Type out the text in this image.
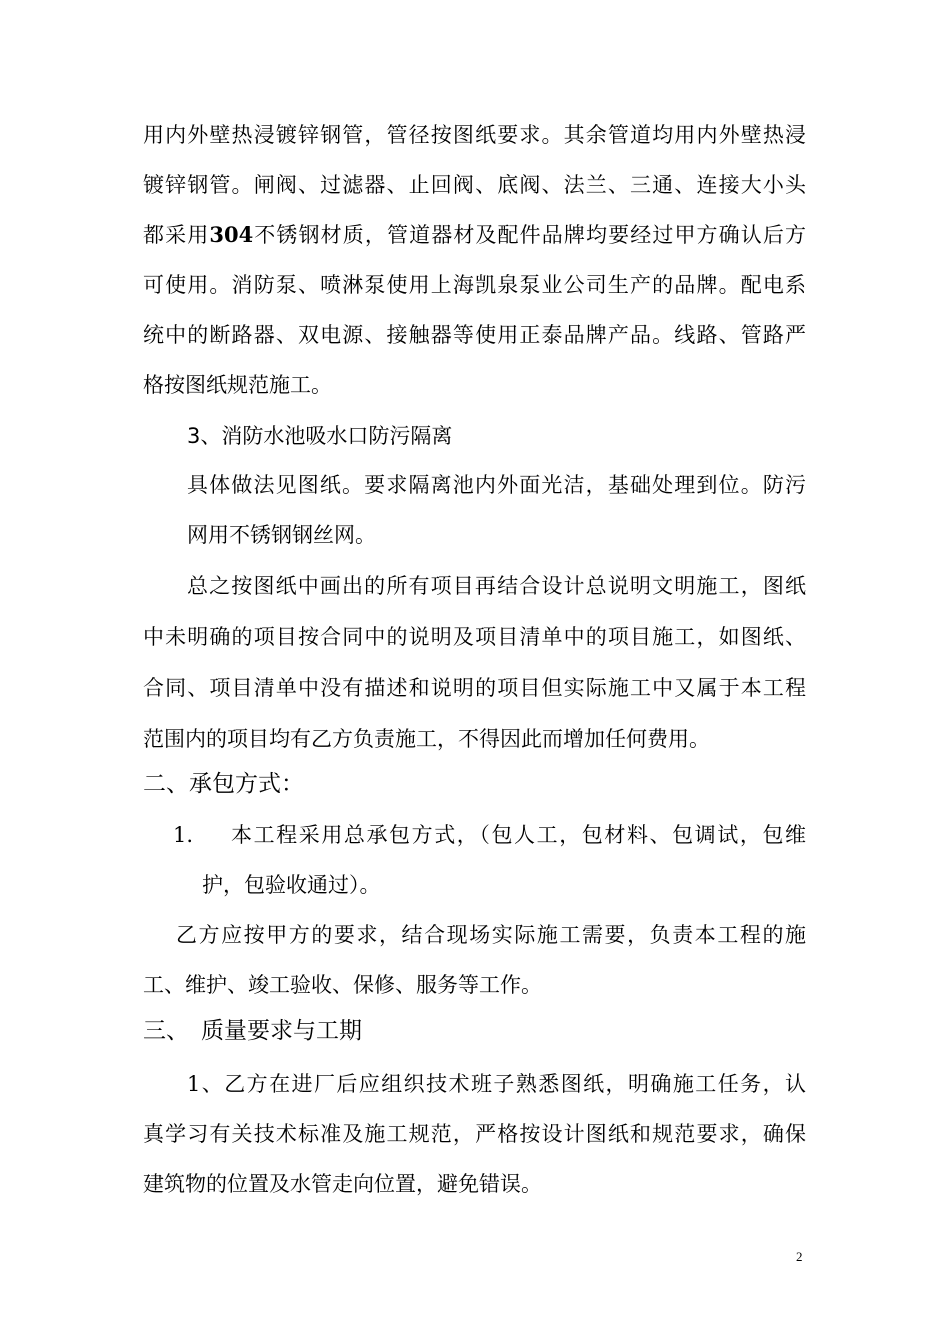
用内外壁热浸镀锌钢管，管径按图纸要求。其余管道均用内外壁热浸
镀锌钢管。闸阀、过滤器、止回阀、底阀、法兰、三通、连接大小头
都采用304不锈钢材质，管道器材及配件品牌均要经过甲方确认后方
可使用。消防泵、喷淋泵使用上海凯泉泵业公司生产的品牌。配电系
统中的断路器、双电源、接触器等使用正泰品牌产品。线路、管路严
格按图纸规范施工。
3、消防水池吸水口防污隔离
具体做法见图纸。要求隔离池内外面光洁，基础处理到位。防污
网用不锈钢钢丝网。
总之按图纸中画出的所有项目再结合设计总说明文明施工，图纸
中未明确的项目按合同中的说明及项目清单中的项目施工，如图纸、
合同、项目清单中没有描述和说明的项目但实际施工中又属于本工程
范围内的项目均有乙方负责施工，不得因此而增加任何费用。
二、承包方式：
1. 本工程采用总承包方式，（包人工，包材料、包调试，包维
护，包验收通过）。
乙方应按甲方的要求，结合现场实际施工需要，负责本工程的施
工、维护、竣工验收、保修、服务等工作。
三、 质量要求与工期
1、乙方在进厂后应组织技术班子熟悉图纸，明确施工任务，认
真学习有关技术标准及施工规范，严格按设计图纸和规范要求，确保
建筑物的位置及水管走向位置，避免错误。
2
